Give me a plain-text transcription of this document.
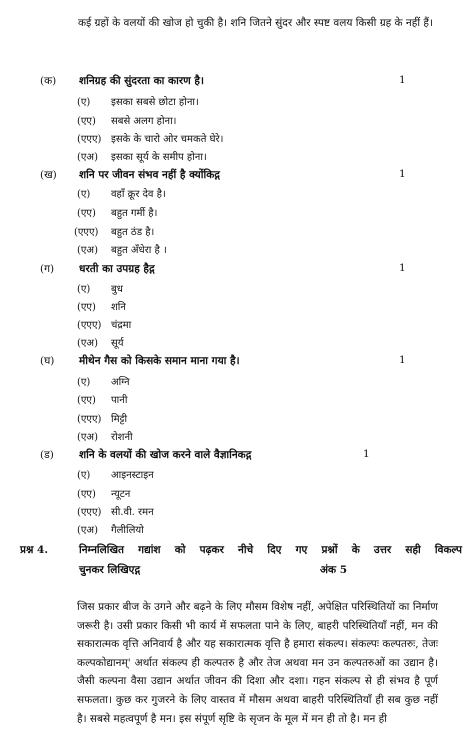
कई ग्रहों के वलयों की खोज हो चुकी है। शनि जितने सुंदर और स्पष्ट वलय किसी ग्रह के नहीं हैं।
(क) शनिग्रह की सुंदरता का कारण है।	1
(ए) इसका सबसे छोटा होना।
(एए) सबसे अलग होना।
(एएए) इसके के चारो ओर चमकते घेरे।
(एअ) इसका सूर्य के समीप होना।
(ख) शनि पर जीवन संभव नहीं है क्योंकिद्ग	1
(ए) वहाँ क्रूर देव है।
(एए) बहुत गर्मी है।
(एएए) बहुत ठंड है।
(एअ) बहुत अँधेरा है ।
(ग) धरती का उपग्रह हैद्ग	1
(ए) बुध
(एए) शनि
(एएए) चंद्रमा
(एअ) सूर्य
(घ) मीथेन गैस को किसके समान माना गया है।	1
(ए) अग्नि
(एए) पानी
(एएए) मिट्टी
(एअ) रोशनी
(ड) शनि के वलयों की खोज करने वाले वैज्ञानिकद्ग	1
(ए) आइनस्टाइन
(एए) न्यूटन
(एएए) सी.वी. रमन
(एअ) गैलीलियो
प्रश्न 4.	निम्नलिखित गद्यांश को पढ़कर नीचे दिए गए प्रश्नों के उत्तर सही विकल्प
चुनकर लिखिएद्ग	अंक 5
जिस प्रकार बीज के उगने और बढ़ने के लिए मौसम विशेष नहीं, अपेक्षित परिस्थितियों का निर्माण जरूरी है। उसी प्रकार किसी भी कार्य में सफलता पाने के लिए, बाहरी परिस्थितियाँ नहीं, मन की सकारात्मक वृत्ति अनिवार्य है और यह सकारात्मक वृत्ति है हमारा संकल्प। संकल्पः कल्पतरुः, तेजः कल्पकोद्यानम्' अर्थात संकल्प ही कल्पतरु है और तेज अथवा मन उन कल्पतरुओं का उद्यान है। जैसी कल्पना वैसा उद्यान अर्थात जीवन की दिशा और दशा। गहन संकल्प से ही संभव है पूर्ण सफलता। कुछ कर गुजरने के लिए वास्तव में मौसम अथवा बाहरी परिस्थितियाँ ही सब कुछ नहीं है। सबसे महत्वपूर्ण है मन। इस संपूर्ण सृष्टि के सृजन के मूल में मन ही तो है। मन ही
